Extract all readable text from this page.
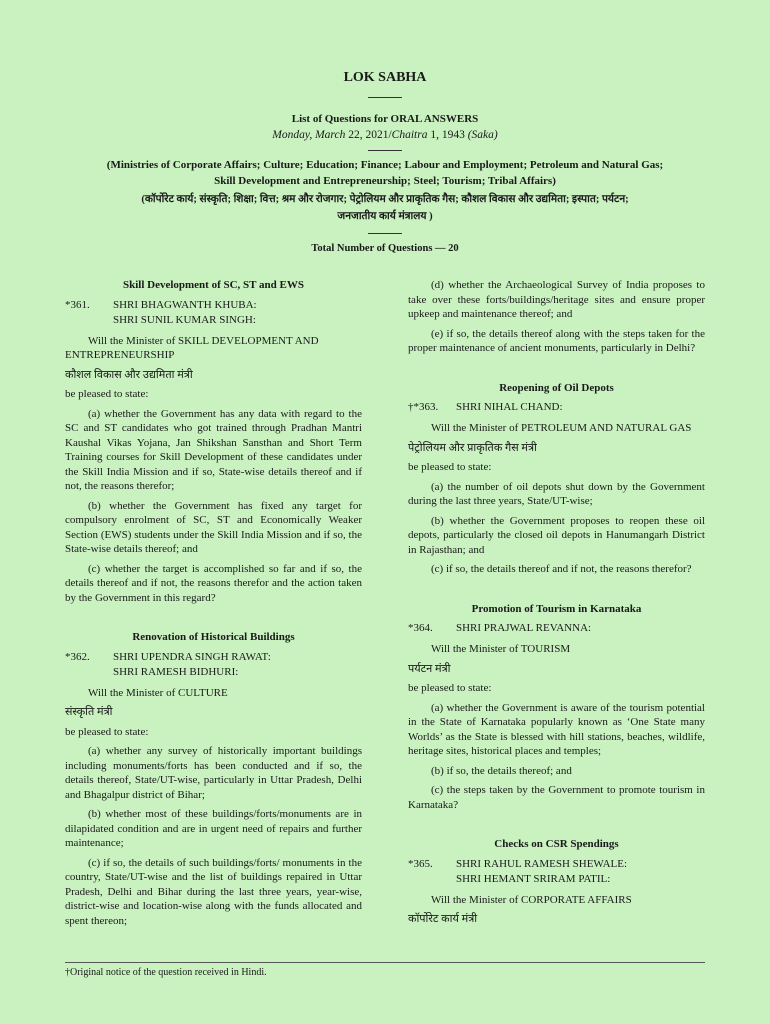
LOK SABHA
List of Questions for ORAL ANSWERS
Monday, March 22, 2021/Chaitra 1, 1943 (Saka)
(Ministries of Corporate Affairs; Culture; Education; Finance; Labour and Employment; Petroleum and Natural Gas;
Skill Development and Entrepreneurship; Steel; Tourism; Tribal Affairs)
(कॉर्पोरेट कार्य; संस्कृति; शिक्षा; वित्त; श्रम और रोजगार; पेट्रोलियम और प्राकृतिक गैस; कौशल विकास और उद्यमिता; इस्पात; पर्यटन;
जनजातीय कार्य मंत्रालय )
Total Number of Questions — 20

Skill Development of SC, ST and EWS

*361.	SHRI BHAGWANTH KHUBA:
SHRI SUNIL KUMAR SINGH:

Will the Minister of SKILL DEVELOPMENT AND ENTREPRENEURSHIP

कौशल विकास और उद्यमिता मंत्री

be pleased to state:

(a) whether the Government has any data with regard to the SC and ST candidates who got trained through Pradhan Mantri Kaushal Vikas Yojana, Jan Shikshan Sansthan and Short Term Training courses for Skill Development of these candidates under the Skill India Mission and if so, State-wise details thereof and if not, the reasons therefor;

(b) whether the Government has fixed any target for compulsory enrolment of SC, ST and Economically Weaker Section (EWS) students under the Skill India Mission and if so, the State-wise details thereof; and

(c) whether the target is accomplished so far and if so, the details thereof and if not, the reasons therefor and the action taken by the Government in this regard?

Renovation of Historical Buildings

*362.	SHRI UPENDRA SINGH RAWAT:
SHRI RAMESH BIDHURI:

Will the Minister of CULTURE

संस्कृति मंत्री

be pleased to state:

(a) whether any survey of historically important buildings including monuments/forts has been conducted and if so, the details thereof, State/UT-wise, particularly in Uttar Pradesh, Delhi and Bhagalpur district of Bihar;

(b) whether most of these buildings/forts/monuments are in dilapidated condition and are in urgent need of repairs and further maintenance;

(c) if so, the details of such buildings/forts/ monuments in the country, State/UT-wise and the list of buildings repaired in Uttar Pradesh, Delhi and Bihar during the last three years, year-wise, district-wise and location-wise along with the funds allocated and spent thereon;

(d) whether the Archaeological Survey of India proposes to take over these forts/buildings/heritage sites and ensure proper upkeep and maintenance thereof; and

(e) if so, the details thereof along with the steps taken for the proper maintenance of ancient monuments, particularly in Delhi?

Reopening of Oil Depots

†*363.	SHRI NIHAL CHAND:

Will the Minister of PETROLEUM AND NATURAL GAS

पेट्रोलियम और प्राकृतिक गैस मंत्री

be pleased to state:

(a) the number of oil depots shut down by the Government during the last three years, State/UT-wise;

(b) whether the Government proposes to reopen these oil depots, particularly the closed oil depots in Hanumangarh District in Rajasthan; and

(c) if so, the details thereof and if not, the reasons therefor?

Promotion of Tourism in Karnataka

*364.	SHRI PRAJWAL REVANNA:

Will the Minister of TOURISM

पर्यटन मंत्री

be pleased to state:

(a) whether the Government is aware of the tourism potential in the State of Karnataka popularly known as ‘One State many Worlds’ as the State is blessed with hill stations, beaches, wildlife, heritage sites, historical places and temples;

(b) if so, the details thereof; and

(c) the steps taken by the Government to promote tourism in Karnataka?

Checks on CSR Spendings

*365.	SHRI RAHUL RAMESH SHEWALE:
SHRI HEMANT SRIRAM PATIL:

Will the Minister of CORPORATE AFFAIRS

कॉर्पोरेट कार्य मंत्री

†Original notice of the question received in Hindi.
